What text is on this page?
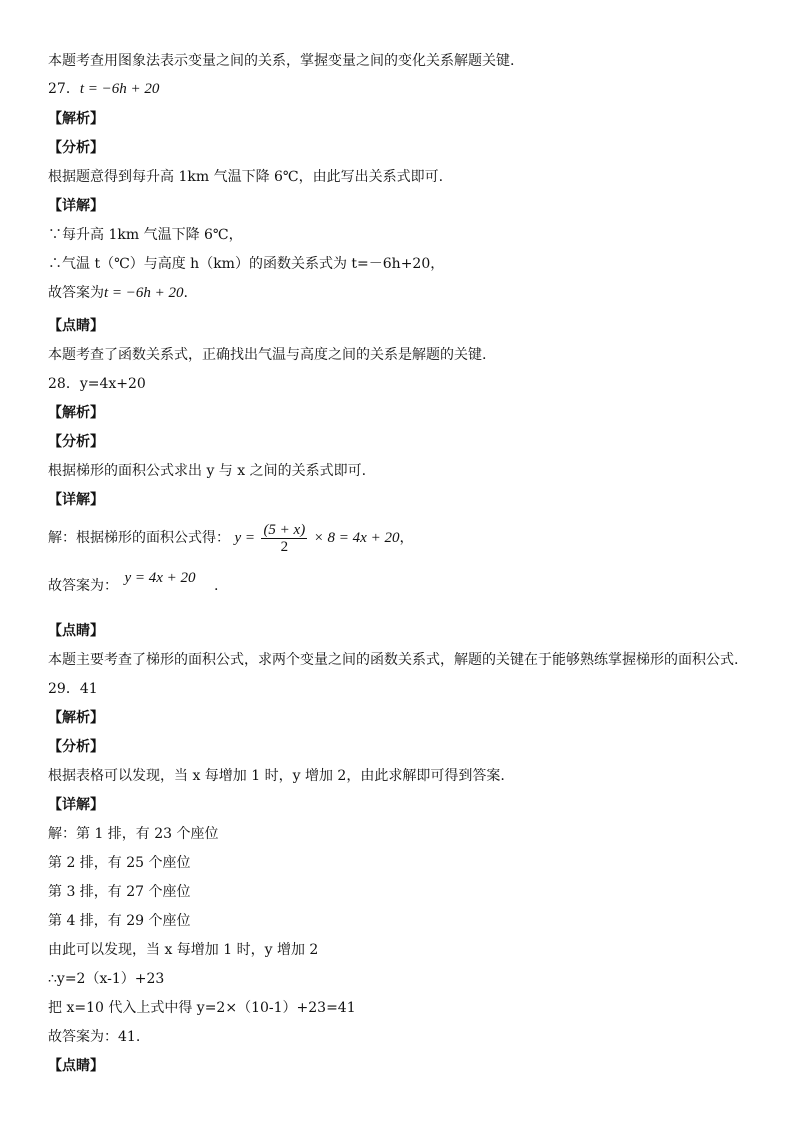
本题考查用图象法表示变量之间的关系，掌握变量之间的变化关系解题关键.
27．t = −6h + 20
【解析】
【分析】
根据题意得到每升高 1km 气温下降 6℃，由此写出关系式即可.
【详解】
∵每升高 1km 气温下降 6℃，
∴气温 t（℃）与高度 h（km）的函数关系式为 t=－6h+20，
故答案为t = −6h + 20.
【点睛】
本题考查了函数关系式，正确找出气温与高度之间的关系是解题的关键.
28．y=4x+20
【解析】
【分析】
根据梯形的面积公式求出 y 与 x 之间的关系式即可.
【详解】
解：根据梯形的面积公式得： $y = \frac{(5 + x)}{2} \times 8 = 4x + 20$，
故答案为： y = 4x + 20 .
【点睛】
本题主要考查了梯形的面积公式，求两个变量之间的函数关系式，解题的关键在于能够熟练掌握梯形的面积公式.
29．41
【解析】
【分析】
根据表格可以发现，当 x 每增加 1 时，y 增加 2，由此求解即可得到答案.
【详解】
解：第 1 排，有 23 个座位
第 2 排，有 25 个座位
第 3 排，有 27 个座位
第 4 排，有 29 个座位
由此可以发现，当 x 每增加 1 时，y 增加 2
∴y=2（x-1）+23
把 x=10 代入上式中得 y=2×（10-1）+23=41
故答案为：41.
【点睛】
